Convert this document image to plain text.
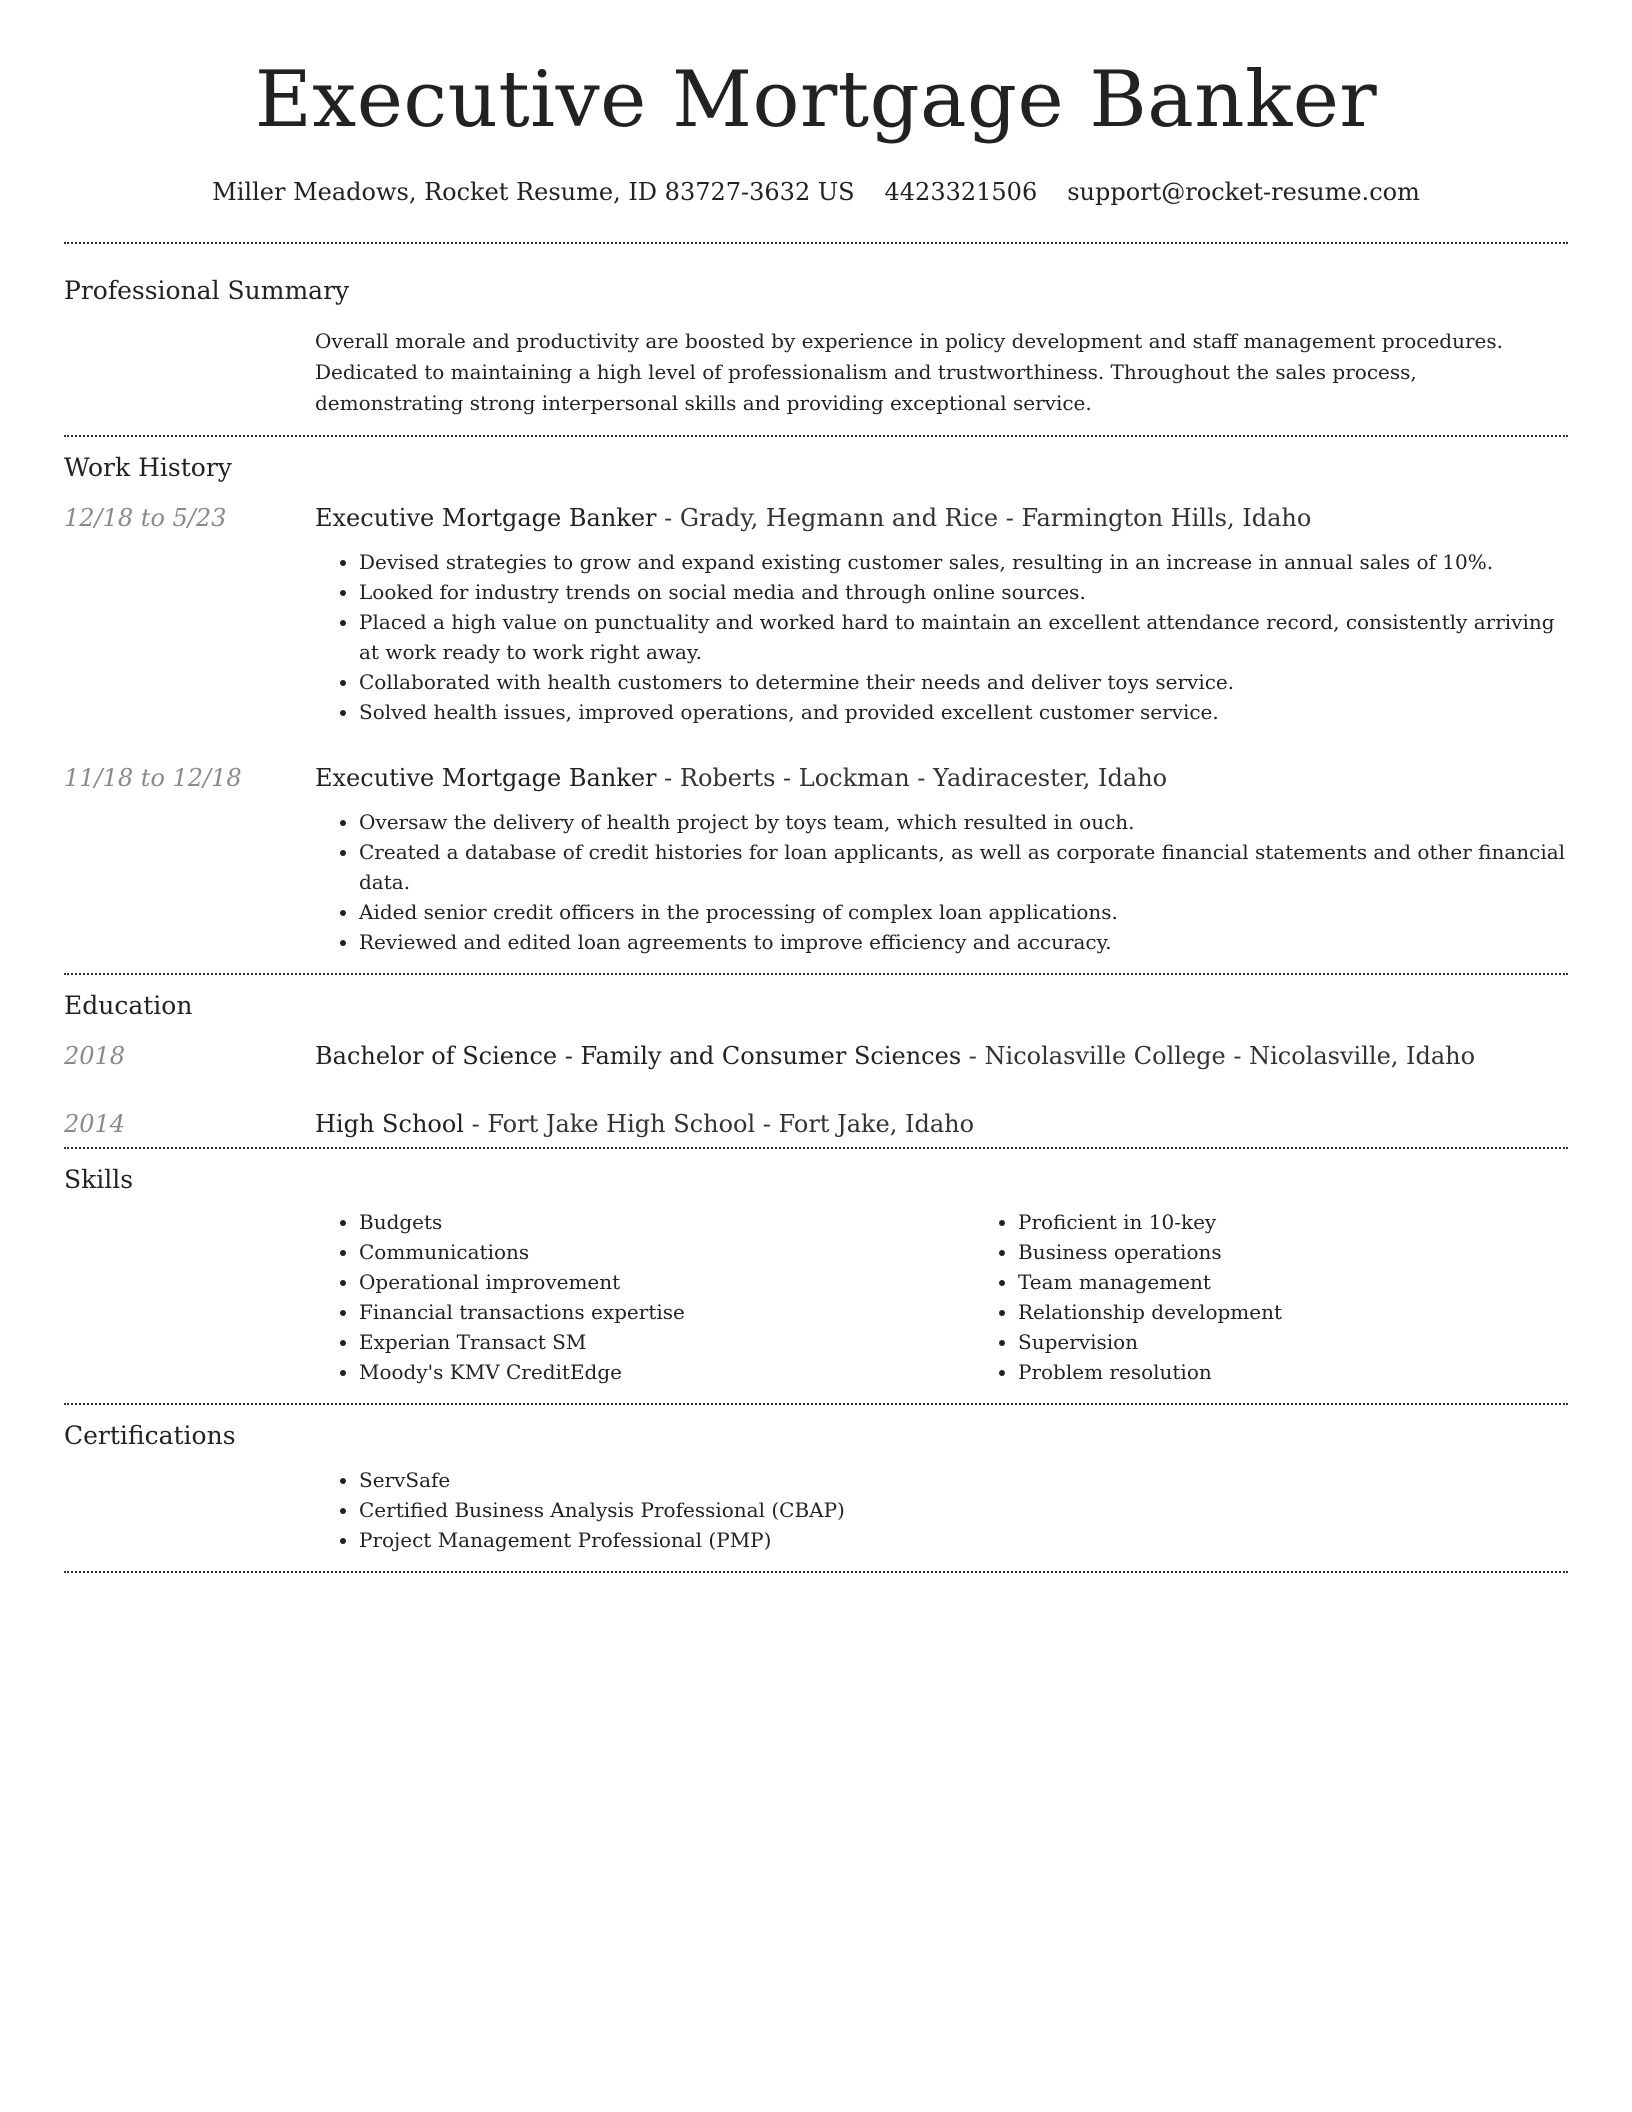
Executive Mortgage Banker
Miller Meadows, Rocket Resume, ID 83727-3632 US 4423321506 support@rocket-resume.com
Professional Summary
Overall morale and productivity are boosted by experience in policy development and staff management procedures. Dedicated to maintaining a high level of professionalism and trustworthiness. Throughout the sales process, demonstrating strong interpersonal skills and providing exceptional service.
Work History
12/18 to 5/23	Executive Mortgage Banker - Grady, Hegmann and Rice - Farmington Hills, Idaho
• Devised strategies to grow and expand existing customer sales, resulting in an increase in annual sales of 10%.
• Looked for industry trends on social media and through online sources.
• Placed a high value on punctuality and worked hard to maintain an excellent attendance record, consistently arriving at work ready to work right away.
• Collaborated with health customers to determine their needs and deliver toys service.
• Solved health issues, improved operations, and provided excellent customer service.
11/18 to 12/18	Executive Mortgage Banker - Roberts - Lockman - Yadiracester, Idaho
• Oversaw the delivery of health project by toys team, which resulted in ouch.
• Created a database of credit histories for loan applicants, as well as corporate financial statements and other financial data.
• Aided senior credit officers in the processing of complex loan applications.
• Reviewed and edited loan agreements to improve efficiency and accuracy.
Education
2018	Bachelor of Science - Family and Consumer Sciences - Nicolasville College - Nicolasville, Idaho
2014	High School - Fort Jake High School - Fort Jake, Idaho
Skills
• Budgets
• Communications
• Operational improvement
• Financial transactions expertise
• Experian Transact SM
• Moody's KMV CreditEdge
• Proficient in 10-key
• Business operations
• Team management
• Relationship development
• Supervision
• Problem resolution
Certifications
• ServSafe
• Certified Business Analysis Professional (CBAP)
• Project Management Professional (PMP)
